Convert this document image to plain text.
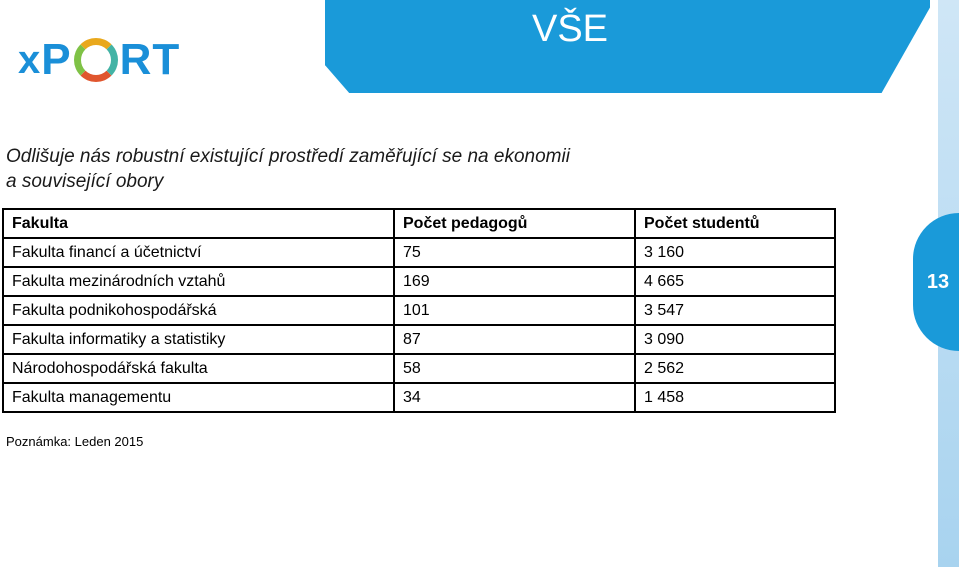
VŠE
x P RT
13
Odlišuje nás robustní existující prostředí zaměřující se na ekonomii
a související obory
Fakulta	Počet pedagogů	Počet studentů
Fakulta financí a účetnictví	75	3 160
Fakulta mezinárodních vztahů	169	4 665
Fakulta podnikohospodářská	101	3 547
Fakulta informatiky a statistiky	87	3 090
Národohospodářská fakulta	58	2 562
Fakulta managementu	34	1 458
Poznámka: Leden 2015
